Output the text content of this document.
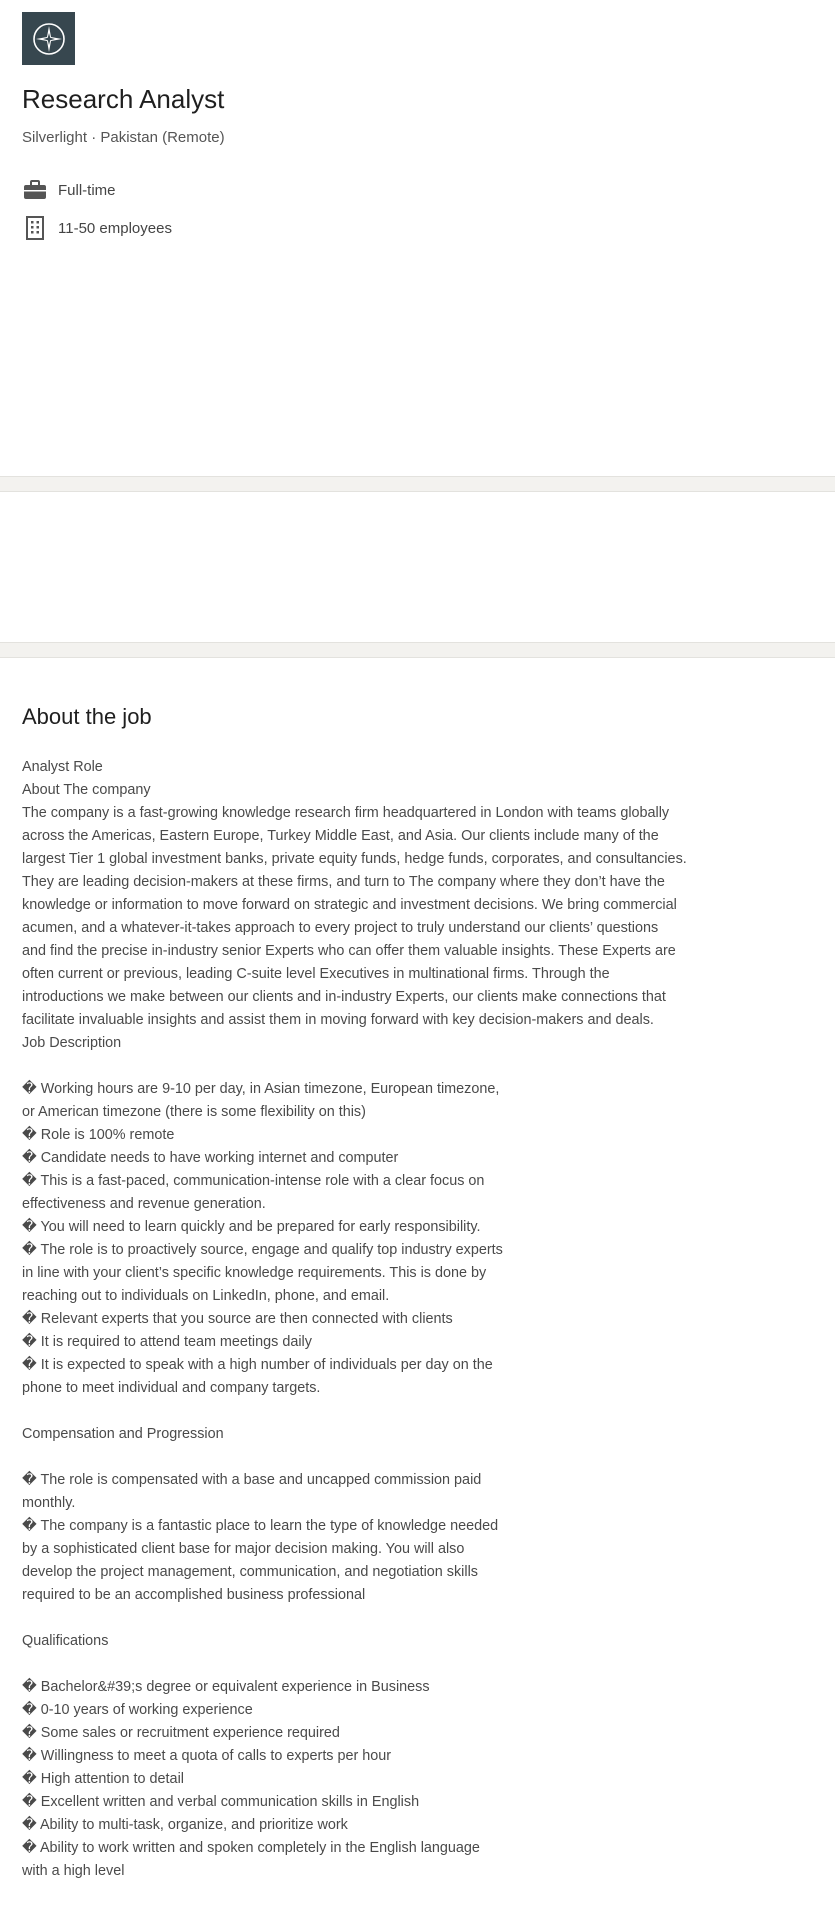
Research Analyst
Silverlight · Pakistan (Remote)
Full-time
11-50 employees
About the job
Analyst Role
About The company
The company is a fast-growing knowledge research firm headquartered in London with teams globally
across the Americas, Eastern Europe, Turkey Middle East, and Asia. Our clients include many of the
largest Tier 1 global investment banks, private equity funds, hedge funds, corporates, and consultancies.
They are leading decision-makers at these firms, and turn to The company where they don’t have the
knowledge or information to move forward on strategic and investment decisions. We bring commercial
acumen, and a whatever-it-takes approach to every project to truly understand our clients’ questions
and find the precise in-industry senior Experts who can offer them valuable insights. These Experts are
often current or previous, leading C-suite level Executives in multinational firms. Through the
introductions we make between our clients and in-industry Experts, our clients make connections that
facilitate invaluable insights and assist them in moving forward with key decision-makers and deals.
Job Description
� Working hours are 9-10 per day, in Asian timezone, European timezone,
or American timezone (there is some flexibility on this)
� Role is 100% remote
� Candidate needs to have working internet and computer
� This is a fast-paced, communication-intense role with a clear focus on
effectiveness and revenue generation.
� You will need to learn quickly and be prepared for early responsibility.
� The role is to proactively source, engage and qualify top industry experts
in line with your client’s specific knowledge requirements. This is done by
reaching out to individuals on LinkedIn, phone, and email.
� Relevant experts that you source are then connected with clients
� It is required to attend team meetings daily
� It is expected to speak with a high number of individuals per day on the
phone to meet individual and company targets.
Compensation and Progression
� The role is compensated with a base and uncapped commission paid
monthly.
� The company is a fantastic place to learn the type of knowledge needed
by a sophisticated client base for major decision making. You will also
develop the project management, communication, and negotiation skills
required to be an accomplished business professional
Qualifications
� Bachelor&#39;s degree or equivalent experience in Business
� 0-10 years of working experience
� Some sales or recruitment experience required
� Willingness to meet a quota of calls to experts per hour
� High attention to detail
� Excellent written and verbal communication skills in English
� Ability to multi-task, organize, and prioritize work
� Ability to work written and spoken completely in the English language
with a high level
